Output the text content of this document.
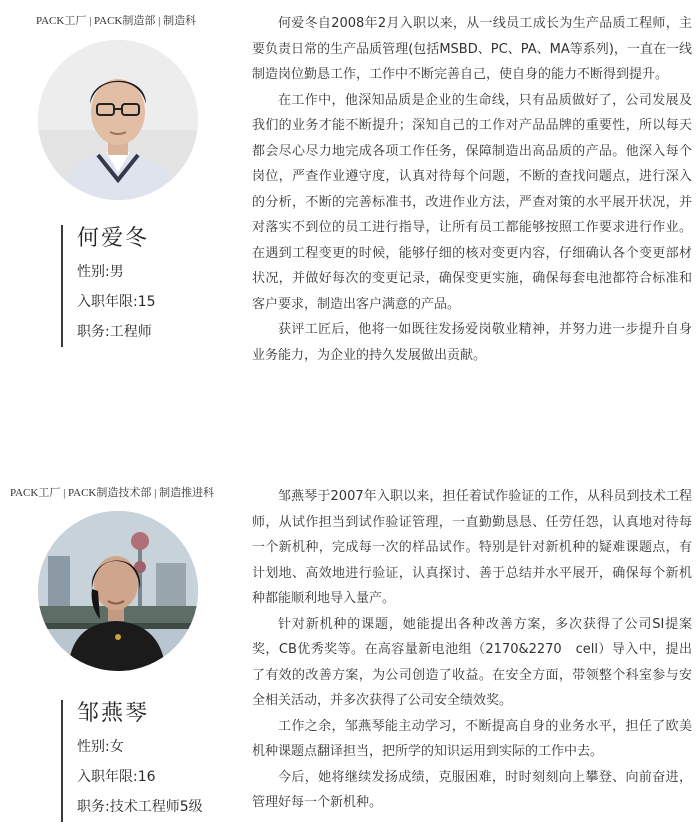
PACK工厂 | PACK制造部 | 制造科
何爱冬
性别:男
入职年限:15
职务:工程师

何爱冬自2008年2月入职以来，从一线员工成长为生产品质工程师，主要负责日常的生产品质管理(包括MSBD、PC、PA、MA等系列)，一直在一线制造岗位勤恳工作，工作中不断完善自己，使自身的能力不断得到提升。

在工作中，他深知品质是企业的生命线，只有品质做好了，公司发展及我们的业务才能不断提升；深知自己的工作对产品品牌的重要性，所以每天都会尽心尽力地完成各项工作任务，保障制造出高品质的产品。他深入每个岗位，严查作业遵守度，认真对待每个问题，不断的查找问题点，进行深入的分析，不断的完善标准书，改进作业方法，严查对策的水平展开状况，并对落实不到位的员工进行指导，让所有员工都能够按照工作要求进行作业。在遇到工程变更的时候，能够仔细的核对变更内容，仔细确认各个变更部材状况，并做好每次的变更记录，确保变更实施，确保每套电池都符合标准和客户要求，制造出客户满意的产品。

获评工匠后，他将一如既往发扬爱岗敬业精神，并努力进一步提升自身业务能力，为企业的持久发展做出贡献。

PACK工厂 | PACK制造技术部 | 制造推进科
邹燕琴
性别:女
入职年限:16
职务:技术工程师5级

邹燕琴于2007年入职以来，担任着试作验证的工作，从科员到技术工程师，从试作担当到试作验证管理，一直勤勤恳恳、任劳任怨，认真地对待每一个新机种，完成每一次的样品试作。特别是针对新机种的疑难课题点，有计划地、高效地进行验证，认真探讨、善于总结并水平展开，确保每个新机种都能顺利地导入量产。

针对新机种的课题，她能提出各种改善方案，多次获得了公司SI提案奖，CB优秀奖等。在高容量新电池组（2170&2270　cell）导入中，提出了有效的改善方案，为公司创造了收益。在安全方面，带领整个科室参与安全相关活动，并多次获得了公司安全绩效奖。

工作之余，邹燕琴能主动学习，不断提高自身的业务水平，担任了欧美机种课题点翻译担当，把所学的知识运用到实际的工作中去。

今后，她将继续发扬成绩，克服困难，时时刻刻向上攀登、向前奋进，管理好每一个新机种。
